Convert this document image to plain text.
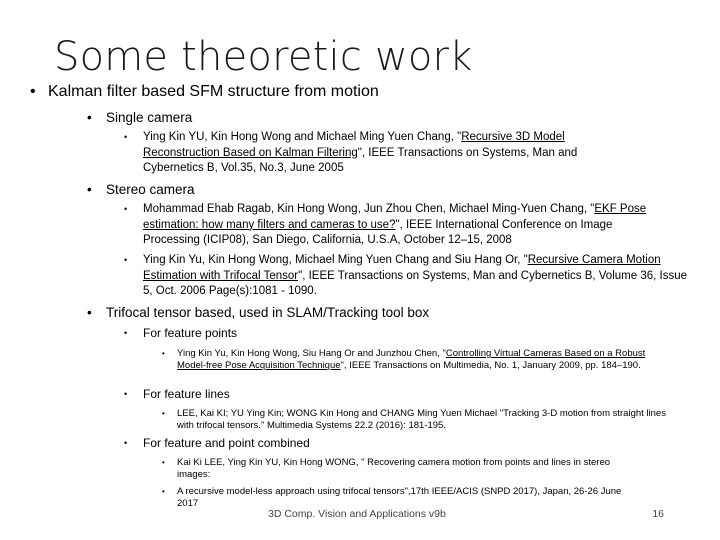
Some theoretic work
• Kalman filter based SFM structure from motion
•	Single camera
•	Ying Kin YU, Kin Hong Wong and Michael Ming Yuen Chang, "Recursive 3D Model Reconstruction Based on Kalman Filtering", IEEE Transactions on Systems, Man and Cybernetics B, Vol.35, No.3, June 2005
•	Stereo camera
•	Mohammad Ehab Ragab, Kin Hong Wong, Jun Zhou Chen, Michael Ming-Yuen Chang, "EKF Pose estimation: how many filters and cameras to use?", IEEE International Conference on Image Processing (ICIP08), San Diego, California, U.S.A, October 12–15, 2008
•	Ying Kin Yu, Kin Hong Wong, Michael Ming Yuen Chang and Siu Hang Or, "Recursive Camera Motion Estimation with Trifocal Tensor", IEEE Transactions on Systems, Man and Cybernetics B, Volume 36, Issue 5, Oct. 2006 Page(s):1081 - 1090.
•	Trifocal tensor based, used in SLAM/Tracking tool box
•	For feature points
•	Ying Kin Yu, Kin Hong Wong, Siu Hang Or and Junzhou Chen, "Controlling Virtual Cameras Based on a Robust Model-free Pose Acquisition Technique", IEEE Transactions on Multimedia, No. 1, January 2009, pp. 184–190.
•	For feature lines
•	LEE, Kai KI; YU Ying Kin; WONG Kin Hong and CHANG Ming Yuen Michael "Tracking 3-D motion from straight lines with trifocal tensors." Multimedia Systems 22.2 (2016): 181-195.
•	For feature and point combined
•	Kai Ki LEE, Ying Kin YU, Kin Hong WONG, " Recovering camera motion from points and lines in stereo images:
•	A recursive model-less approach using trifocal tensors",17th IEEE/ACIS (SNPD 2017), Japan, 26-26 June 2017
3D Comp. Vision and Applications v9b	16
